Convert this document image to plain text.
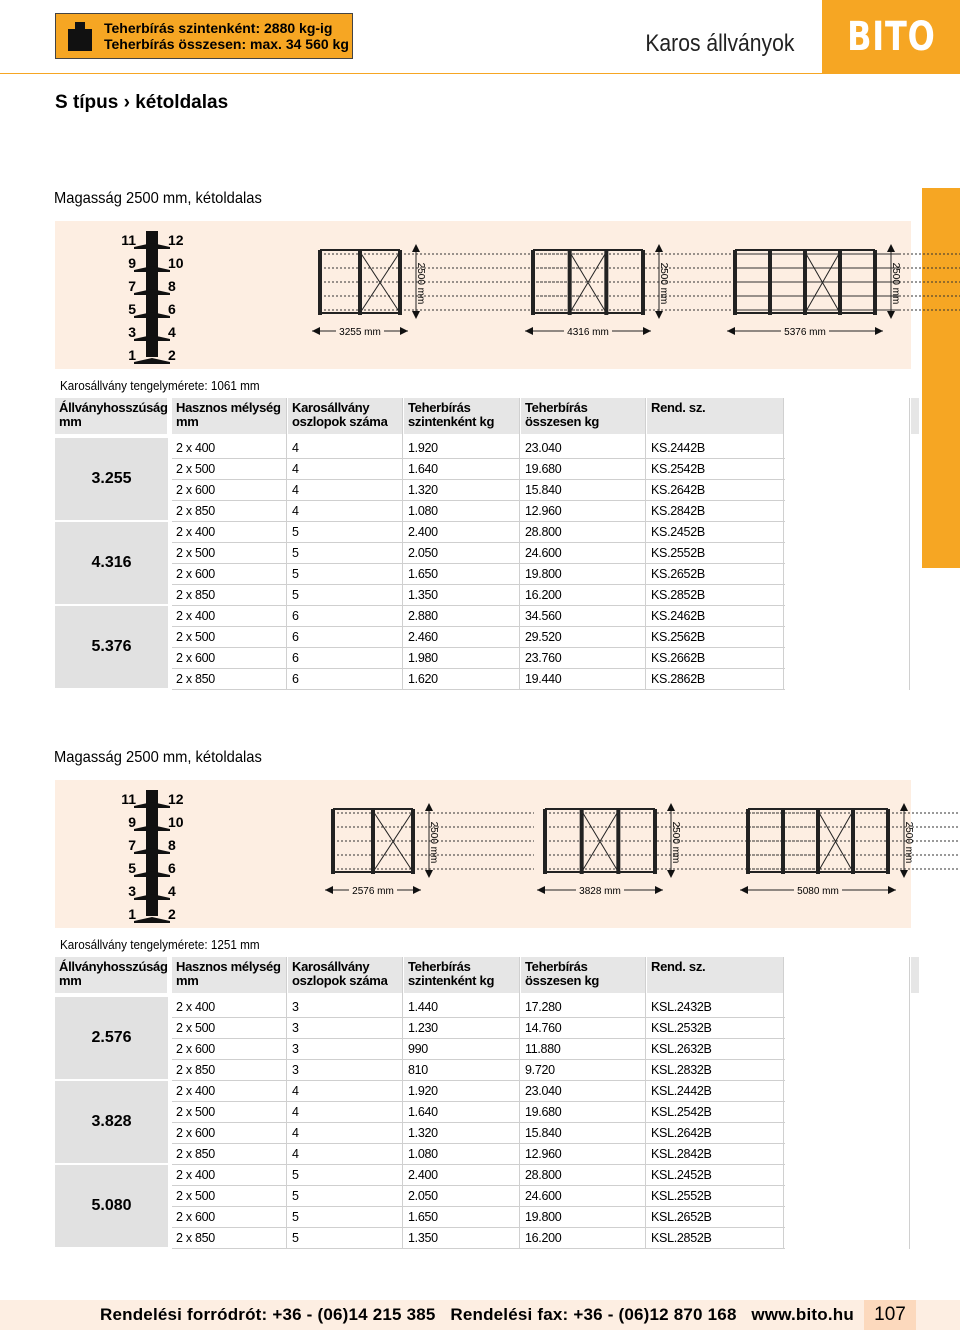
Teherbírás szintenként: 2880 kg-ig
Teherbírás összesen: max. 34 560 kg	Karos állványok BITO
S típus › kétoldalas
Magasság 2500 mm, kétoldalas
11 12
9 10
7 8
5 6
3 4
1 2
3255 mm
2500 mm
4316 mm
2500 mm
5376 mm
2500 mm
Karosállvány tengelymérete: 1061 mm
Állványhosszúság mm
Hasznos mélység mm
Karosállvány oszlopok száma
Teherbírás szintenként kg
Teherbírás összesen kg
Rend. sz.
3.255
2 x 400	4	1.920	23.040	KS.2442B
2 x 500	4	1.640	19.680	KS.2542B
2 x 600	4	1.320	15.840	KS.2642B
2 x 850	4	1.080	12.960	KS.2842B
4.316
2 x 400	5	2.400	28.800	KS.2452B
2 x 500	5	2.050	24.600	KS.2552B
2 x 600	5	1.650	19.800	KS.2652B
2 x 850	5	1.350	16.200	KS.2852B
5.376
2 x 400	6	2.880	34.560	KS.2462B
2 x 500	6	2.460	29.520	KS.2562B
2 x 600	6	1.980	23.760	KS.2662B
2 x 850	6	1.620	19.440	KS.2862B
Magasság 2500 mm, kétoldalas
11 12
9 10
7 8
5 6
3 4
1 2
2576 mm
2500 mm
3828 mm
2500 mm
5080 mm
2500 mm
Karosállvány tengelymérete: 1251 mm
Állványhosszúság mm
Hasznos mélység mm
Karosállvány oszlopok száma
Teherbírás szintenként kg
Teherbírás összesen kg
Rend. sz.
2.576
2 x 400	3	1.440	17.280	KSL.2432B
2 x 500	3	1.230	14.760	KSL.2532B
2 x 600	3	990	11.880	KSL.2632B
2 x 850	3	810	9.720	KSL.2832B
3.828
2 x 400	4	1.920	23.040	KSL.2442B
2 x 500	4	1.640	19.680	KSL.2542B
2 x 600	4	1.320	15.840	KSL.2642B
2 x 850	4	1.080	12.960	KSL.2842B
5.080
2 x 400	5	2.400	28.800	KSL.2452B
2 x 500	5	2.050	24.600	KSL.2552B
2 x 600	5	1.650	19.800	KSL.2652B
2 x 850	5	1.350	16.200	KSL.2852B
Rendelési forródrót: +36 - (06)14 215 385   Rendelési fax: +36 - (06)12 870 168   www.bito.hu	107
